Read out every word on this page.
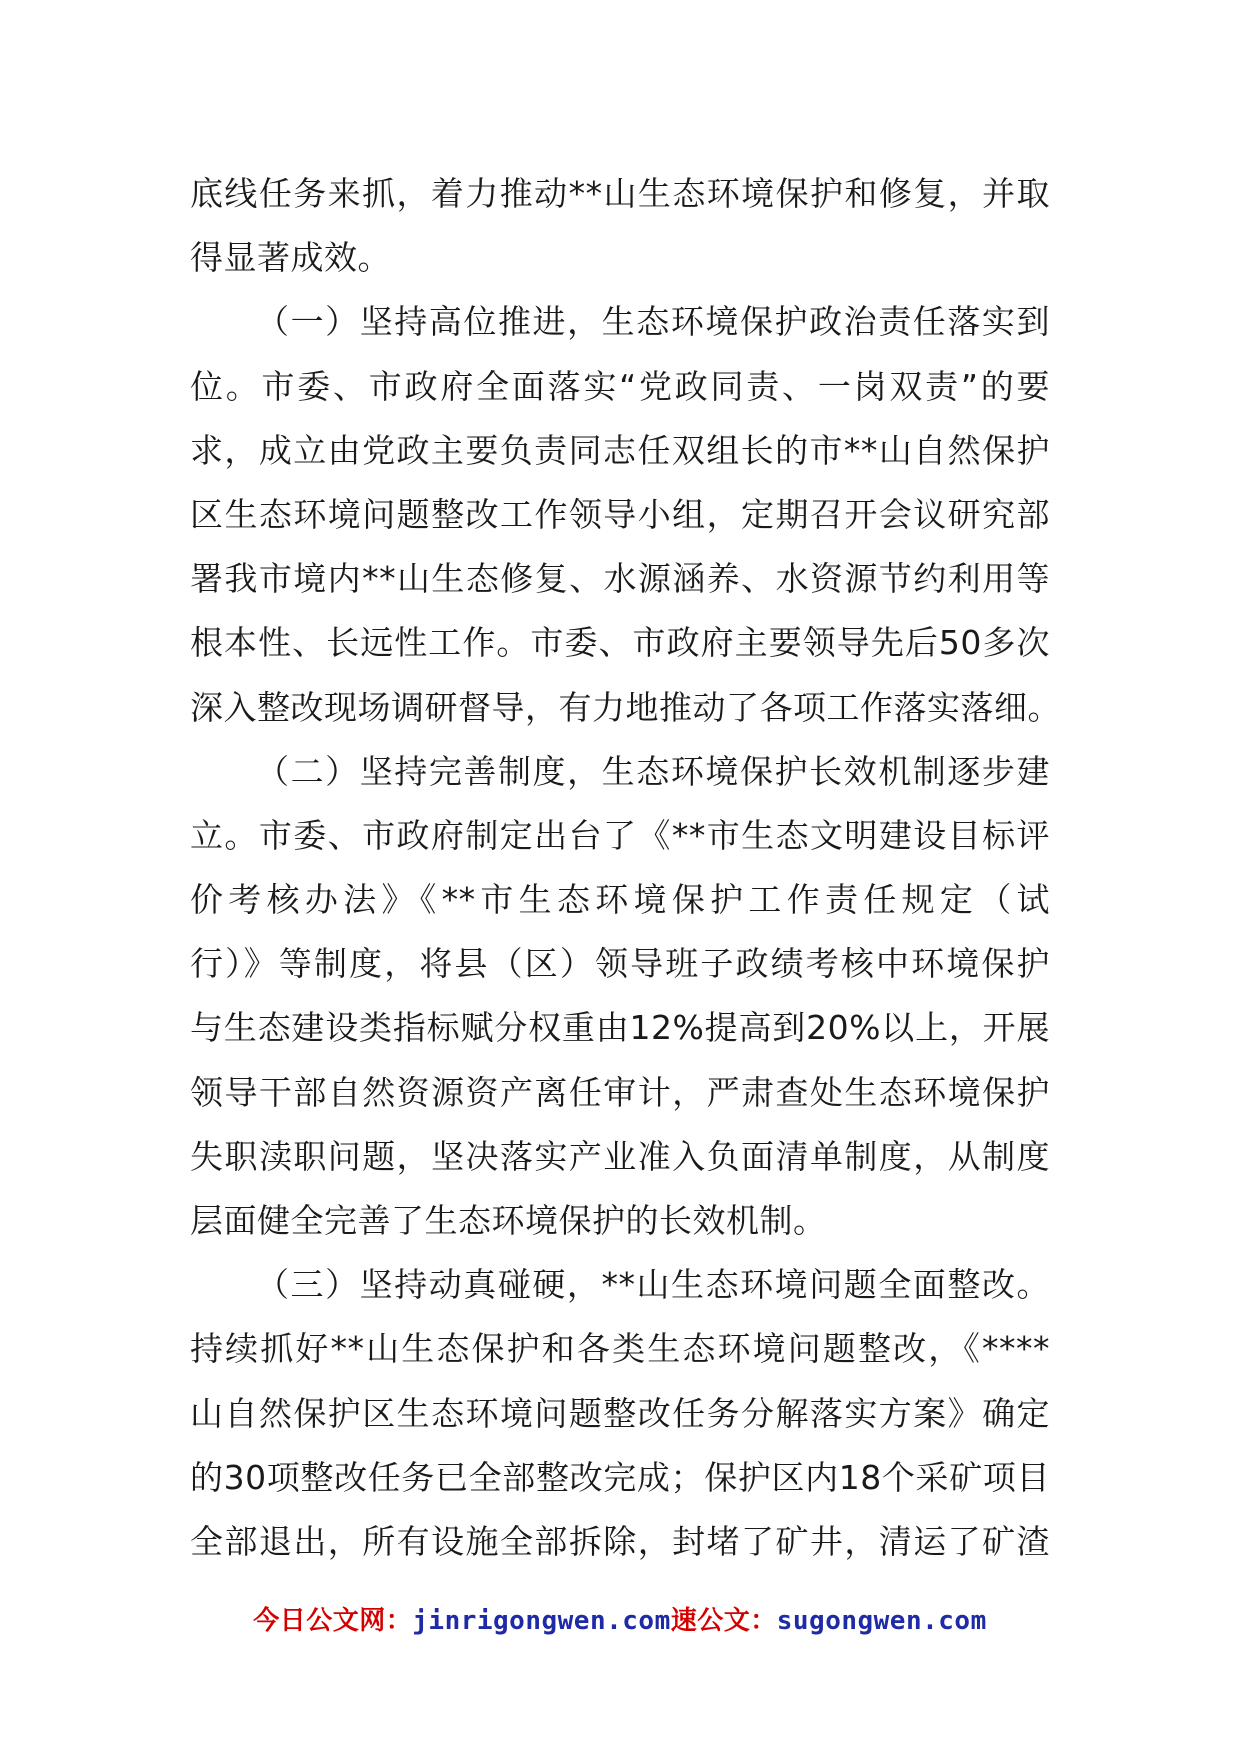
底线任务来抓，着力推动**山生态环境保护和修复，并取
得显著成效。
（一）坚持高位推进，生态环境保护政治责任落实到
位。市委、市政府全面落实“党政同责、一岗双责”的要
求，成立由党政主要负责同志任双组长的市**山自然保护
区生态环境问题整改工作领导小组，定期召开会议研究部
署我市境内**山生态修复、水源涵养、水资源节约利用等
根本性、长远性工作。市委、市政府主要领导先后50多次
深入整改现场调研督导，有力地推动了各项工作落实落细。
（二）坚持完善制度，生态环境保护长效机制逐步建
立。市委、市政府制定出台了《**市生态文明建设目标评
价考核办法》《**市生态环境保护工作责任规定（试
行）》等制度，将县（区）领导班子政绩考核中环境保护
与生态建设类指标赋分权重由12%提高到20%以上，开展
领导干部自然资源资产离任审计，严肃查处生态环境保护
失职渎职问题，坚决落实产业准入负面清单制度，从制度
层面健全完善了生态环境保护的长效机制。
（三）坚持动真碰硬，**山生态环境问题全面整改。
持续抓好**山生态保护和各类生态环境问题整改，《****
山自然保护区生态环境问题整改任务分解落实方案》确定
的30项整改任务已全部整改完成；保护区内18个采矿项目
全部退出，所有设施全部拆除，封堵了矿井，清运了矿渣
今日公文网：jinrigongwen.com速公文：sugongwen.com
